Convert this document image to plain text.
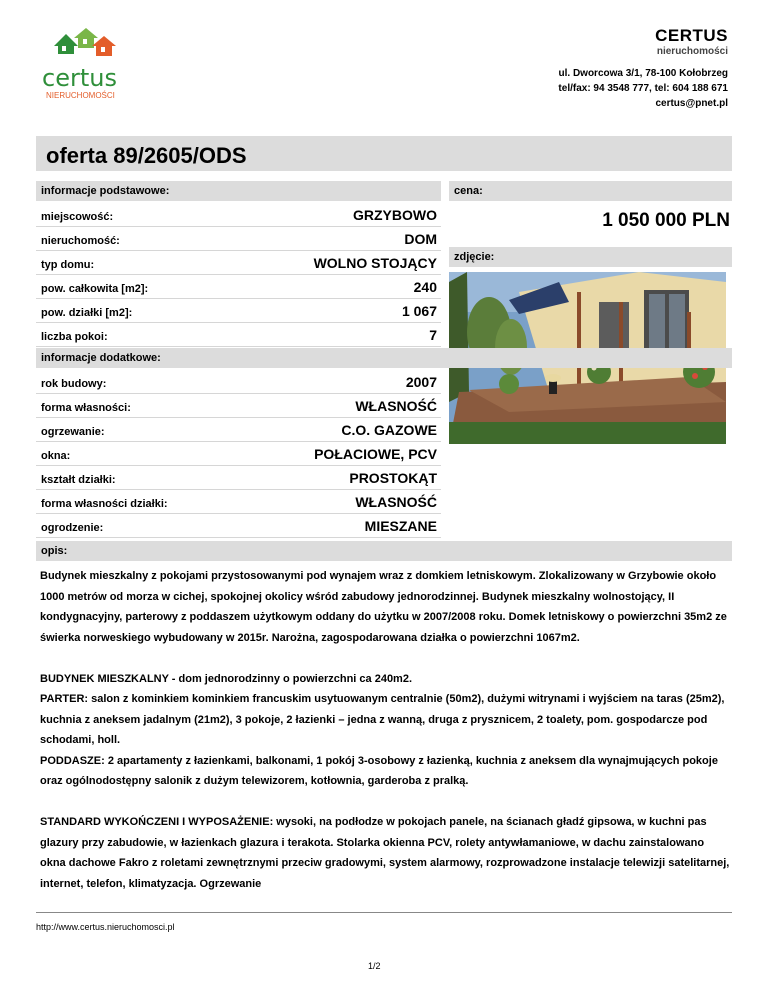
certus
NIERUCHOMOŚCI
CERTUS
nieruchomości
ul. Dworcowa 3/1, 78-100 Kołobrzeg
tel/fax: 94 3548 777, tel: 604 188 671
certus@pnet.pl
oferta 89/2605/ODS
informacje podstawowe:
miejscowość:	GRZYBOWO
nieruchomość:	DOM
typ domu:	WOLNO STOJĄCY
pow. całkowita [m2]:	240
pow. działki [m2]:	1 067
liczba pokoi:	7
cena:
1 050 000 PLN
zdjęcie:
informacje dodatkowe:
rok budowy:	2007
forma własności:	WŁASNOŚĆ
ogrzewanie:	C.O. GAZOWE
okna:	POŁACIOWE, PCV
kształt działki:	PROSTOKĄT
forma własności działki:	WŁASNOŚĆ
ogrodzenie:	MIESZANE
opis:

Budynek mieszkalny z pokojami przystosowanymi pod wynajem wraz z domkiem letniskowym. Zlokalizowany w Grzybowie około 1000 metrów od morza w cichej, spokojnej okolicy wśród zabudowy jednorodzinnej. Budynek mieszkalny wolnostojący, II kondygnacyjny, parterowy z poddaszem użytkowym oddany do użytku w 2007/2008 roku. Domek letniskowy o powierzchni 35m2 ze świerka norweskiego wybudowany w 2015r. Narożna, zagospodarowana działka o powierzchni 1067m2.

BUDYNEK MIESZKALNY - dom jednorodzinny o powierzchni ca 240m2.
PARTER: salon z kominkiem kominkiem francuskim usytuowanym centralnie (50m2), dużymi witrynami i wyjściem na taras (25m2), kuchnia z aneksem jadalnym (21m2), 3 pokoje, 2 łazienki – jedna z wanną, druga z prysznicem, 2 toalety, pom. gospodarcze pod schodami, holl.
PODDASZE: 2 apartamenty z łazienkami, balkonami, 1 pokój 3-osobowy z łazienką, kuchnia z aneksem dla wynajmujących pokoje oraz ogólnodostępny salonik z dużym telewizorem, kotłownia, garderoba z pralką.

STANDARD WYKOŃCZENI I WYPOSAŻENIE: wysoki, na podłodze w pokojach panele, na ścianach gładź gipsowa, w kuchni pas glazury przy zabudowie, w łazienkach glazura i terakota. Stolarka okienna PCV, rolety antywłamaniowe, w dachu zainstalowano okna dachowe Fakro z roletami zewnętrznymi przeciw gradowymi, system alarmowy, rozprowadzone instalacje telewizji satelitarnej, internet, telefon, klimatyzacja. Ogrzewanie

http://www.certus.nieruchomosci.pl
1/2
